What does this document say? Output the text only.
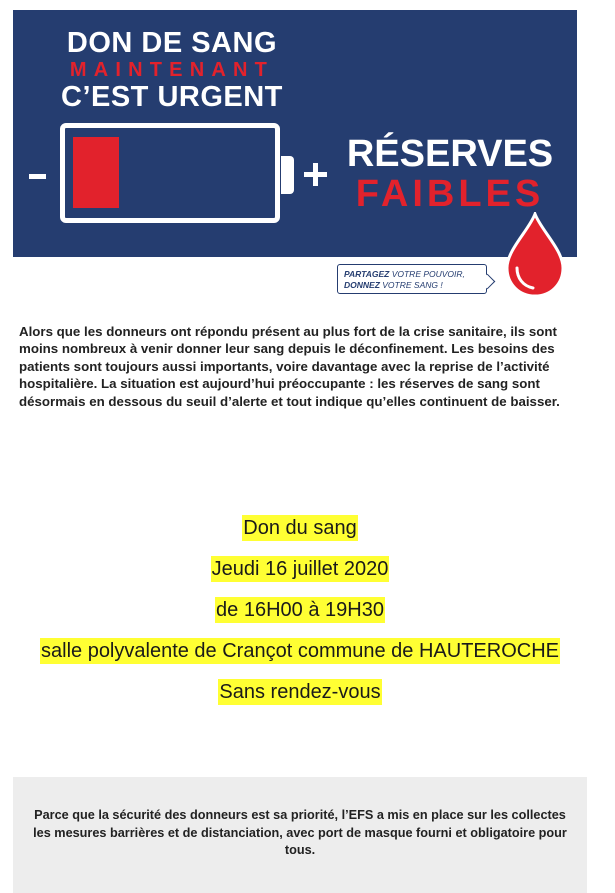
DON DE SANG
MAINTENANT
C’EST URGENT
RÉSERVES
FAIBLES
PARTAGEZ VOTRE POUVOIR,
DONNEZ VOTRE SANG !

Alors que les donneurs ont répondu présent au plus fort de la crise sanitaire, ils sont moins nombreux à venir donner leur sang depuis le déconfinement. Les besoins des patients sont toujours aussi importants, voire davantage avec la reprise de l’activité hospitalière. La situation est aujourd’hui préoccupante : les réserves de sang sont désormais en dessous du seuil d’alerte et tout indique qu’elles continuent de baisser.

Don du sang
Jeudi 16 juillet 2020
de 16H00 à 19H30
salle polyvalente de Crançot commune de HAUTEROCHE
Sans rendez-vous

Parce que la sécurité des donneurs est sa priorité, l’EFS a mis en place sur les collectes les mesures barrières et de distanciation, avec port de masque fourni et obligatoire pour tous.
